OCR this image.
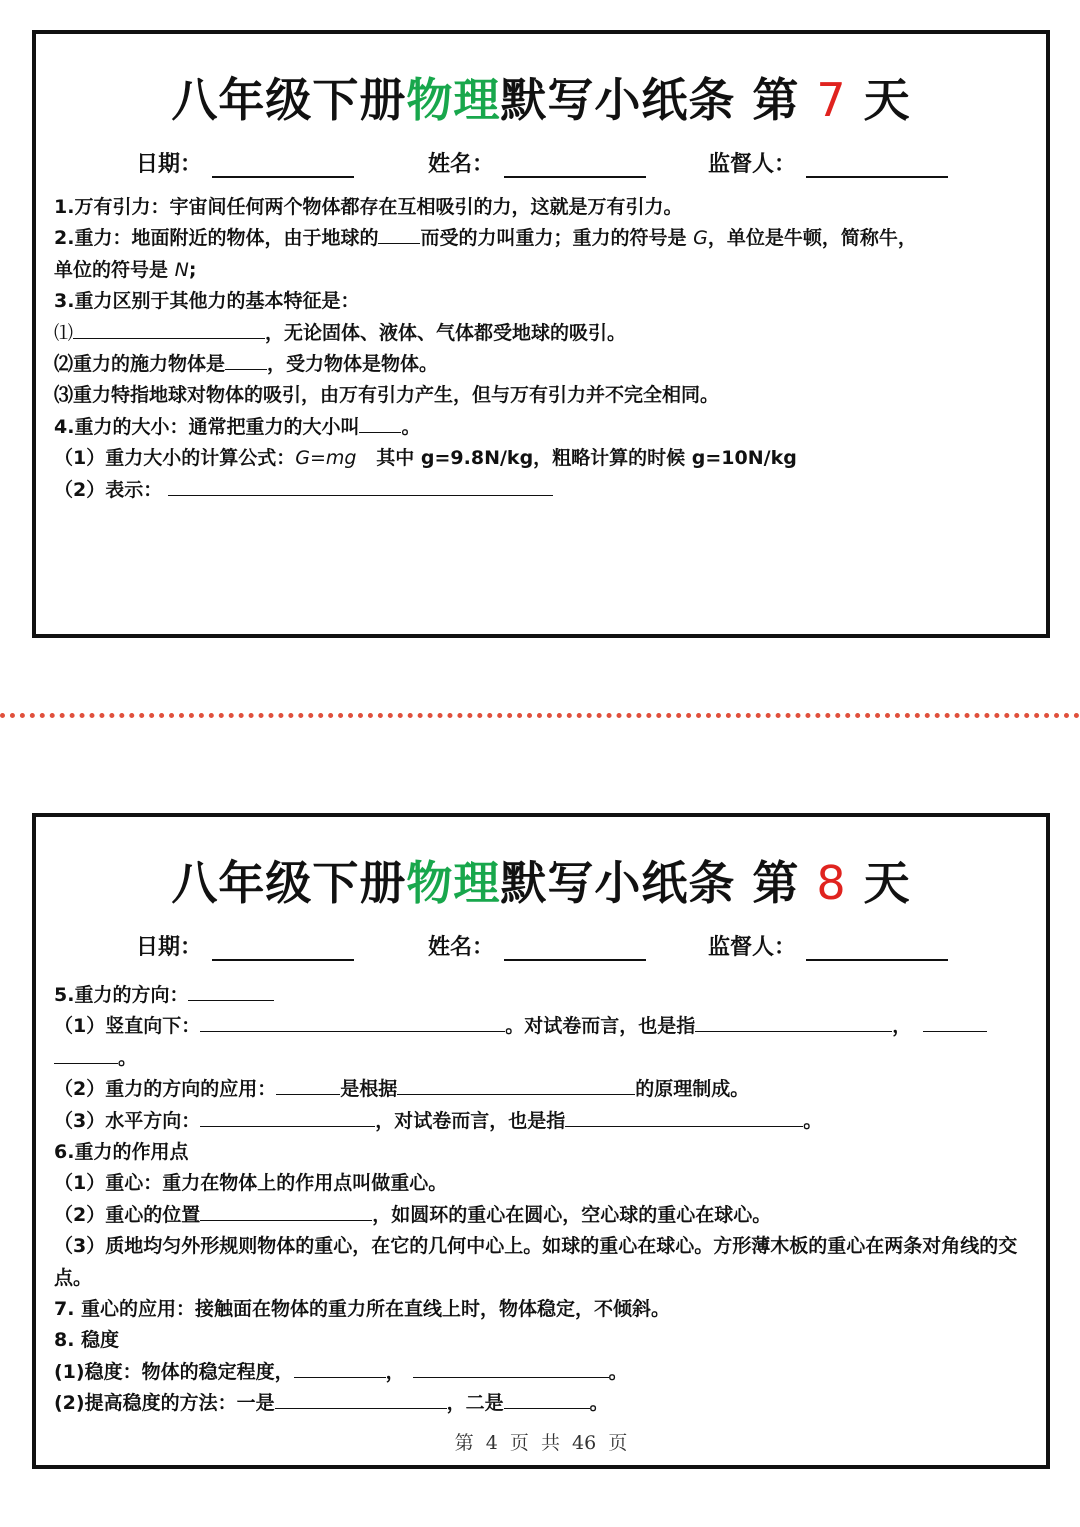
八年级下册物理默写小纸条 第 7 天
日期：	姓名：	监督人：

1.万有引力：宇宙间任何两个物体都存在互相吸引的力，这就是万有引力。

2.重力：地面附近的物体，由于地球的 而受的力叫重力；重力的符号是 G，单位是牛顿，简称牛，

单位的符号是 N;

3.重力区别于其他力的基本特征是：

⑴	，无论固体、液体、气体都受地球的吸引。

⑵重力的施力物体是 ，受力物体是物体。

⑶重力特指地球对物体的吸引，由万有引力产生，但与万有引力并不完全相同。

4.重力的大小：通常把重力的大小叫 。

（1）重力大小的计算公式：G=mg   其中 g=9.8N/kg，粗略计算的时候 g=10N/kg

（2）表示：

八年级下册物理默写小纸条 第 8 天
日期：	姓名：	监督人：

5.重力的方向：

（1）竖直向下：	。对试卷而言，也是指	，

。

（2）重力的方向的应用：	是根据	的原理制成。

（3）水平方向：	，对试卷而言，也是指	。

6.重力的作用点

（1）重心：重力在物体上的作用点叫做重心。

（2）重心的位置	，如圆环的重心在圆心，空心球的重心在球心。

（3）质地均匀外形规则物体的重心，在它的几何中心上。如球的重心在球心。方形薄木板的重心在两条对角线的交点。

7. 重心的应用：接触面在物体的重力所在直线上时，物体稳定，不倾斜。

8. 稳度

(1)稳度：物体的稳定程度，	，	。

(2)提高稳度的方法：一是	，二是	。

第  4  页  共  46  页
